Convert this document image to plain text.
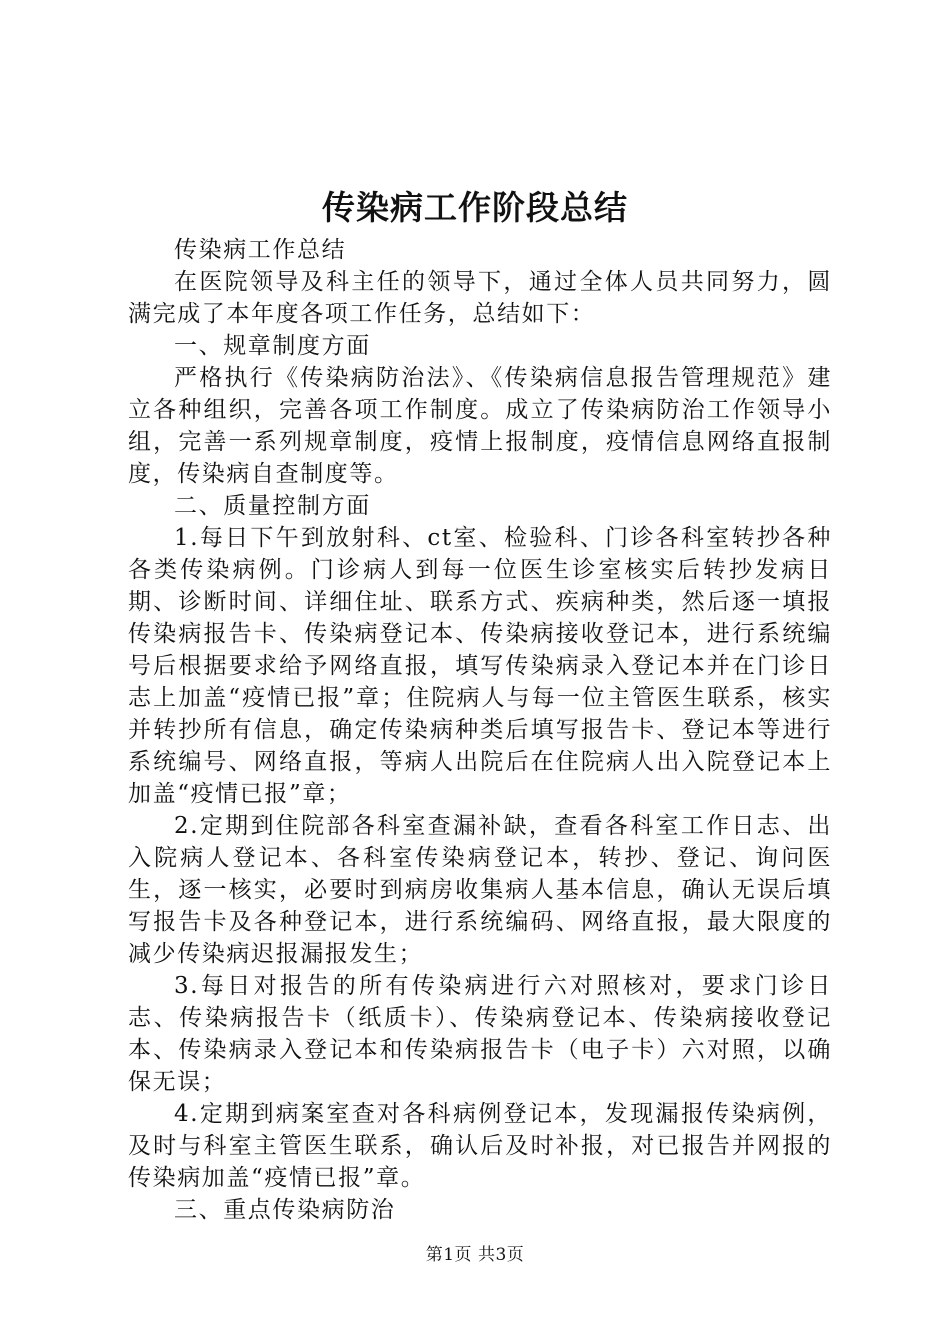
传染病工作阶段总结

传染病工作总结

在医院领导及科主任的领导下，通过全体人员共同努力，圆满完成了本年度各项工作任务，总结如下：

一、规章制度方面

严格执行《传染病防治法》、《传染病信息报告管理规范》建立各种组织，完善各项工作制度。成立了传染病防治工作领导小组，完善一系列规章制度，疫情上报制度，疫情信息网络直报制度，传染病自查制度等。

二、质量控制方面

1.每日下午到放射科、ct室、检验科、门诊各科室转抄各种各类传染病例。门诊病人到每一位医生诊室核实后转抄发病日期、诊断时间、详细住址、联系方式、疾病种类，然后逐一填报传染病报告卡、传染病登记本、传染病接收登记本，进行系统编号后根据要求给予网络直报，填写传染病录入登记本并在门诊日志上加盖“疫情已报”章；住院病人与每一位主管医生联系，核实并转抄所有信息，确定传染病种类后填写报告卡、登记本等进行系统编号、网络直报，等病人出院后在住院病人出入院登记本上加盖“疫情已报”章；

2.定期到住院部各科室查漏补缺，查看各科室工作日志、出入院病人登记本、各科室传染病登记本，转抄、登记、询问医生，逐一核实，必要时到病房收集病人基本信息，确认无误后填写报告卡及各种登记本，进行系统编码、网络直报，最大限度的减少传染病迟报漏报发生；

3.每日对报告的所有传染病进行六对照核对，要求门诊日志、传染病报告卡（纸质卡）、传染病登记本、传染病接收登记本、传染病录入登记本和传染病报告卡（电子卡）六对照，以确保无误；

4.定期到病案室查对各科病例登记本，发现漏报传染病例，及时与科室主管医生联系，确认后及时补报，对已报告并网报的传染病加盖“疫情已报”章。

三、重点传染病防治

第1页 共3页
